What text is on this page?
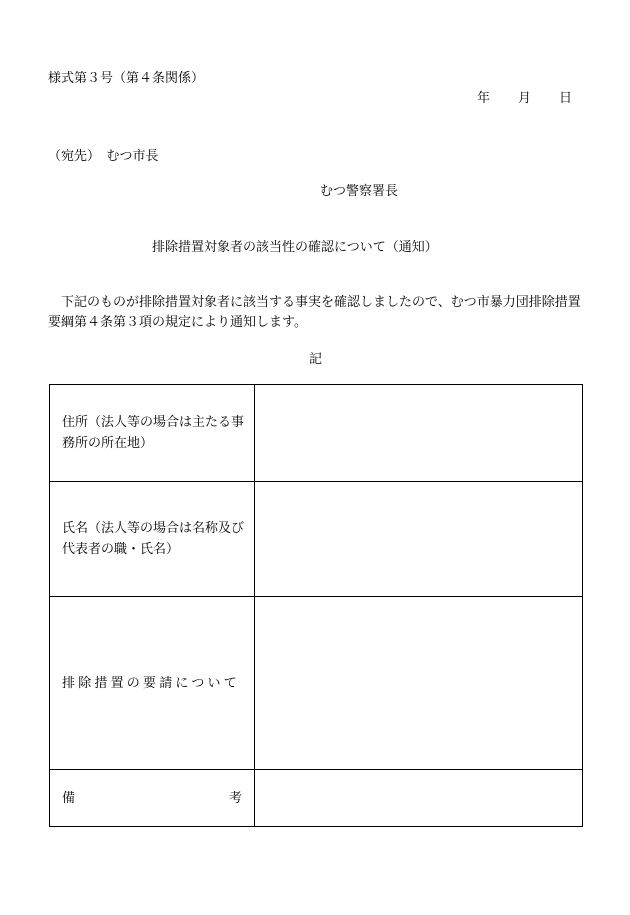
様式第３号（第４条関係）
年 月 日
（宛先）　むつ市長
むつ警察署長
排除措置対象者の該当性の確認について（通知）
下記のものが排除措置対象者に該当する事実を確認しましたので、むつ市暴力団排除措置要綱第４条第３項の規定により通知します。
記
住所（法人等の場合は主たる事務所の所在地）	
氏名（法人等の場合は名称及び代表者の職・氏名）	
排除措置の要請について	

備 考	
